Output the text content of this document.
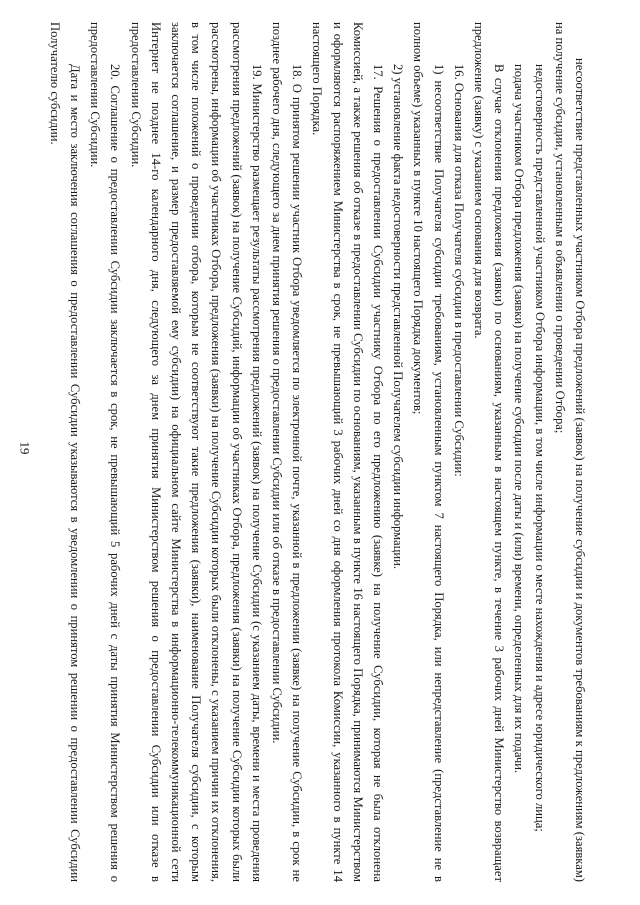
19	несоответствие представленных участником Отбора предложений (заявок) на получение субсидии и документов требованиям к предложениям (заявкам) на получение субсидии, установленным в объявлении о проведении Отбора;

недостоверность представленной участником Отбора информации, в том числе информации о месте нахождения и адресе юридического лица;

подача участником Отбора предложения (заявки) на получение субсидии после даты и (или) времени, определенных для их подачи.

В случае отклонения предложения (заявки) по основаниям, указанным в настоящем пункте, в течение 3 рабочих дней Министерство возвращает предложение (заявку) с указанием основания для возврата.

16. Основания для отказа Получателя субсидии в предоставлении Субсидии:

1) несоответствие Получателя субсидии требованиям, установленным пунктом 7 настоящего Порядка, или непредставление (представление не в полном объеме) указанных в пункте 10 настоящего Порядка документов;

2) установление факта недостоверности представленной Получателем субсидии информации.

17. Решения о предоставлении Субсидии участнику Отбора по его предложению (заявке) на получение Субсидии, которая не была отклонена Комиссией, а также решения об отказе в предоставлении Субсидии по основаниям, указанным в пункте 16 настоящего Порядка, принимаются Министерством и оформляются распоряжением Министерства в срок, не превышающий 3 рабочих дней со дня оформления протокола Комиссии, указанного в пункте 14 настоящего Порядка.

18. О принятом решении участник Отбора уведомляется по электронной почте, указанной в предложении (заявке) на получение Субсидии, в срок не позднее рабочего дня, следующего за днем принятия решения о предоставлении Субсидии или об отказе в предоставлении Субсидии.

19. Министерство размещает результаты рассмотрения предложений (заявок) на получение Субсидии (с указанием даты, времени и места проведения рассмотрения предложений (заявок) на получение Субсидий, информации об участниках Отбора, предложения (заявки) на получение Субсидии которых были рассмотрены, информации об участниках Отбора, предложения (заявки) на получение Субсидии которых были отклонены, с указанием причин их отклонения, в том числе положений о проведении отбора, которым не соответствуют такие предложения (заявки), наименование Получателя субсидии, с которым заключается соглашение, и размер предоставляемой ему субсидии) на официальном сайте Министерства в информационно-телекоммуникационной сети Интернет не позднее 14-го календарного дня, следующего за днем принятия Министерством решения о предоставлении Субсидии или отказе в предоставлении Субсидии.

20. Соглашение о предоставлении Субсидии заключается в срок, не превышающий 5 рабочих дней с даты принятия Министерством решения о предоставлении Субсидии.

Дата и место заключения соглашения о предоставлении Субсидии указываются в уведомлении о принятом решении о предоставлении Субсидии Получателю субсидии.
